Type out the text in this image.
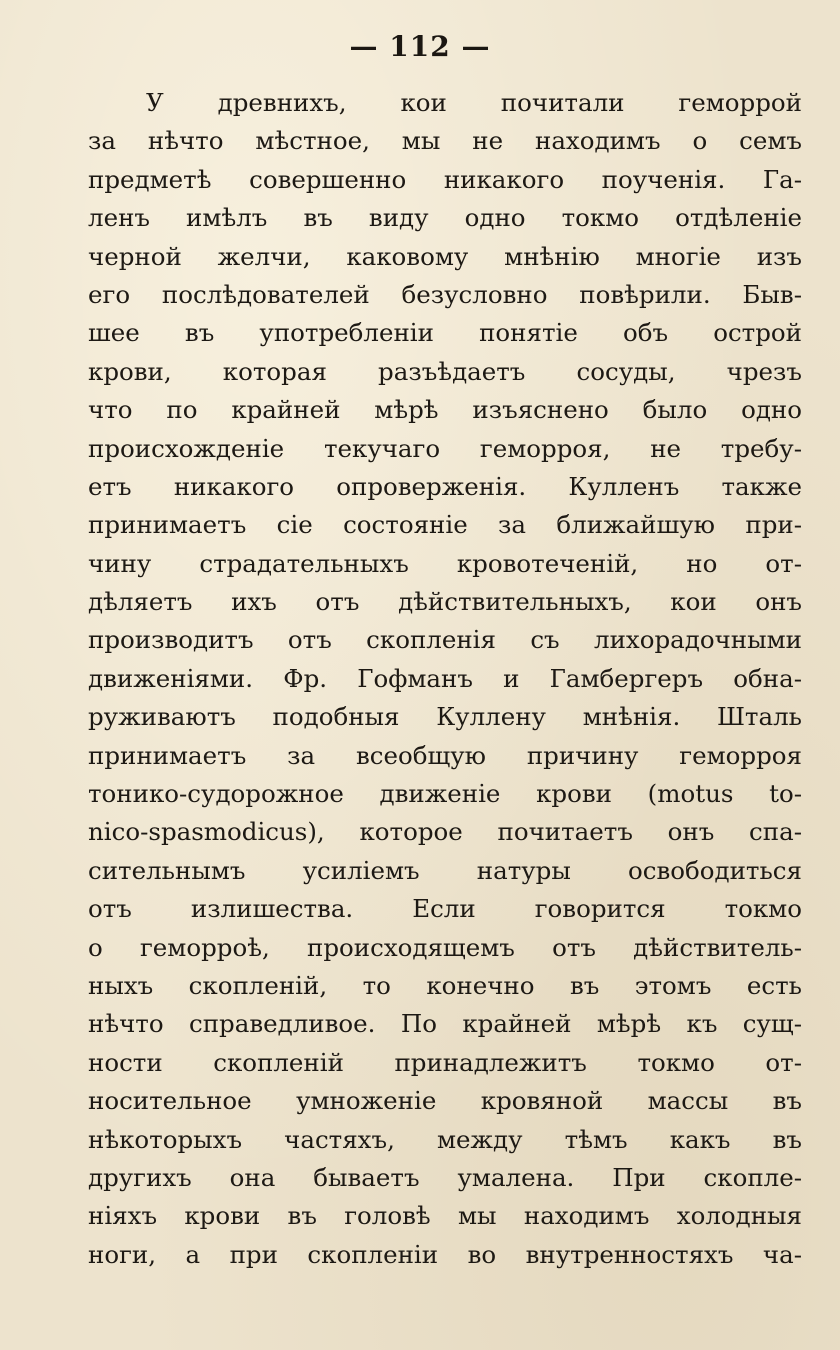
— 112 —
У древнихъ, кои почитали геморрой
за нѣчто мѣстное, мы не находимъ о семъ
предметѣ совершенно никакого поученія. Га-
ленъ имѣлъ въ виду одно токмо отдѣленіе
черной желчи, каковому мнѣнію многіе изъ
его послѣдователей безусловно повѣрили. Быв-
шее въ употребленіи понятіе объ острой
крови, которая разъѣдаетъ сосуды, чрезъ
что по крайней мѣрѣ изъяснено было одно
происхожденіе текучаго геморроя, не требу-
етъ никакого опроверженія. Кулленъ также
принимаетъ сіе состояніе за ближайшую при-
чину страдательныхъ кровотеченій, но от-
дѣляетъ ихъ отъ дѣйствительныхъ, кои онъ
производитъ отъ скопленія съ лихорадочными
движеніями. Фр. Гофманъ и Гамбергеръ обна-
руживаютъ подобныя Куллену мнѣнія. Шталь
принимаетъ за всеобщую причину геморроя
тонико-судорожное движеніе крови (motus to-
nico-spasmodicus), которое почитаетъ онъ спа-
сительнымъ усиліемъ натуры освободиться
отъ излишества. Если говорится токмо
о геморроѣ, происходящемъ отъ дѣйствитель-
ныхъ скопленій, то конечно въ этомъ есть
нѣчто справедливое. По крайней мѣрѣ къ сущ-
ности скопленій принадлежитъ токмо от-
носительное умноженіе кровяной массы въ
нѣкоторыхъ частяхъ, между тѣмъ какъ въ
другихъ она бываетъ умалена. При скопле-
ніяхъ крови въ головѣ мы находимъ холодныя
ноги, а при скопленіи во внутренностяхъ ча-
